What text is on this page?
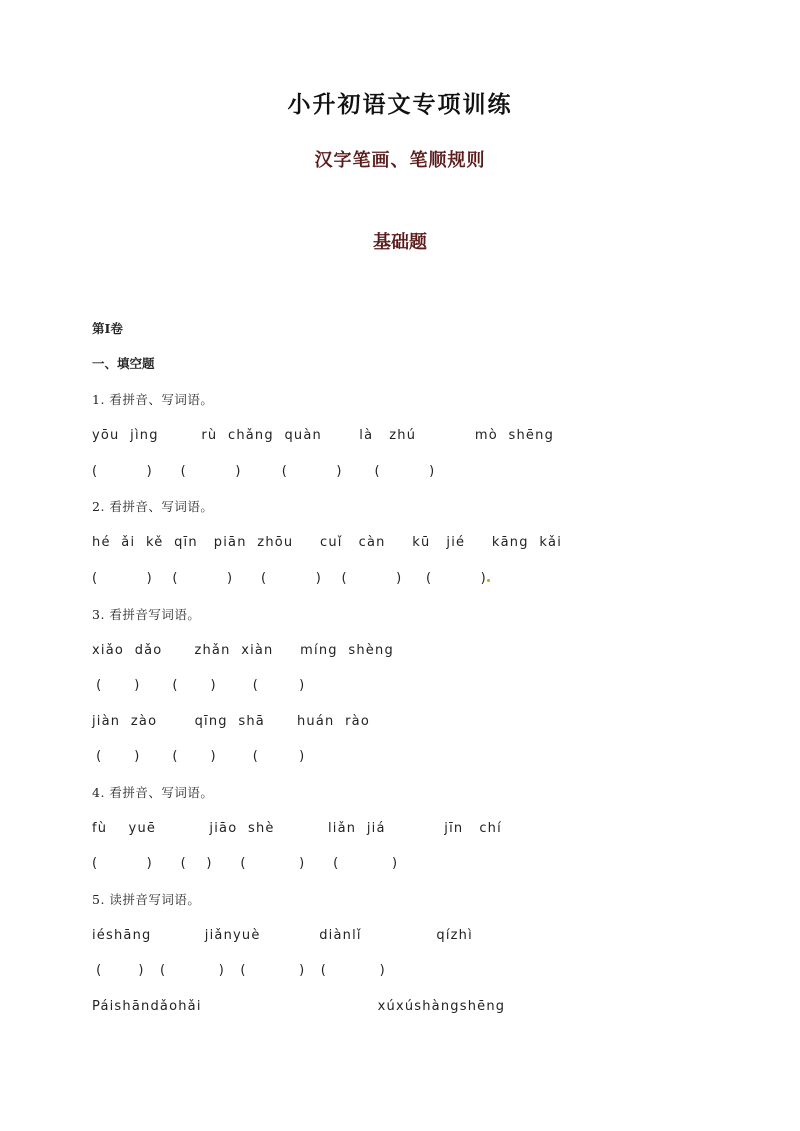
小升初语文专项训练
汉字笔画、笔顺规则
基础题
第Ⅰ卷
一、填空题
1. 看拼音、写词语。
yōu  jìng        rù  chǎng  quàn       là   zhú           mò  shēng
(            )       (            )          (            )        (            )
2. 看拼音、写词语。
hé  ǎi  kě  qīn   piān  zhōu     cuǐ   càn     kū   jié     kāng  kǎi
(            )     (            )       (            )     (            )      (            )
3. 看拼音写词语。
xiǎo  dǎo      zhǎn  xiàn     míng  shèng
(        )        (        )         (          )
jiàn  zào       qīng  shā      huán  rào
(        )        (        )         (          )
4. 看拼音、写词语。
fù    yuē          jiāo  shè          liǎn  jiá           jīn   chí
(            )       (     )       (             )       (             )
5. 读拼音写词语。
iéshāng          jiǎnyuè           diànlǐ              qízhì
(         )    (             )    (             )    (             )
Páishāndǎohǎi                                 xúxúshàngshēng
